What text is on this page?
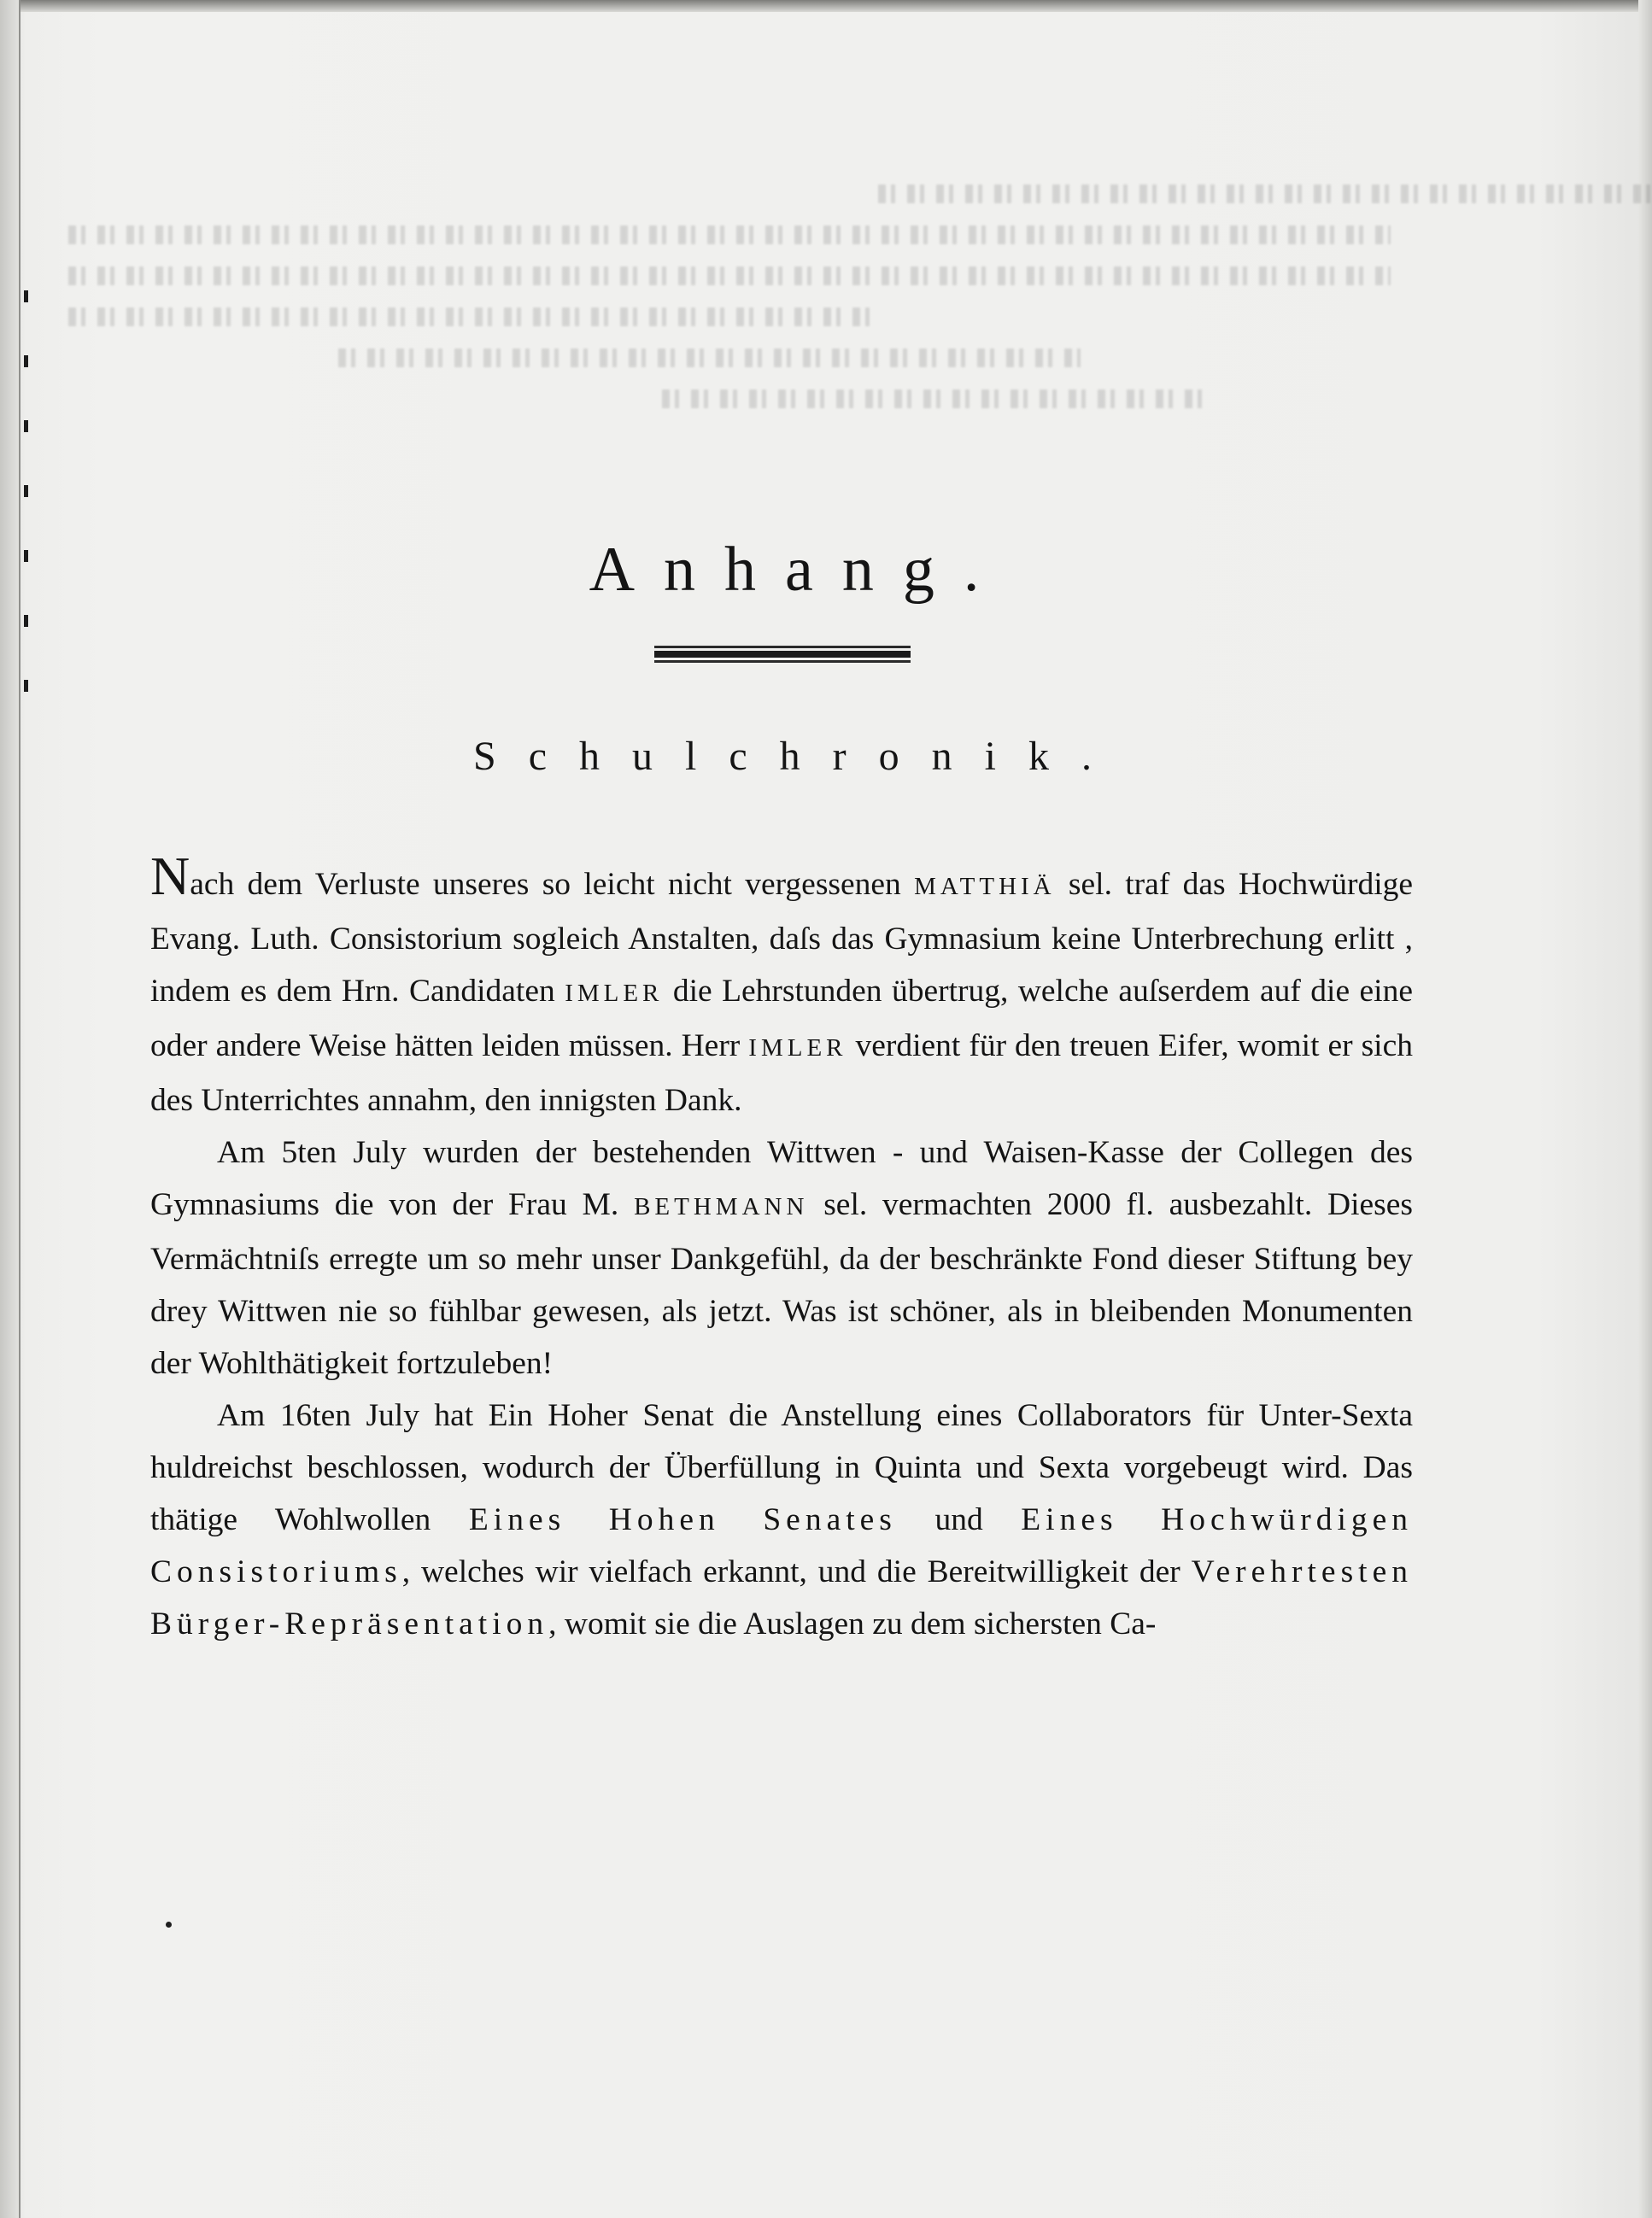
Anhang.
Schulchronik.

Nach dem Verluste unseres so leicht nicht vergessenen MATTHIÄ sel. traf das Hochwürdige Evang. Luth. Consistorium sogleich Anstalten, daſs das Gymnasium keine Unterbrechung erlitt , indem es dem Hrn. Candidaten IMLER die Lehrstunden übertrug, welche auſserdem auf die eine oder andere Weise hätten leiden müssen. Herr IMLER verdient für den treuen Eifer, womit er sich des Unterrichtes annahm, den innigsten Dank.

Am 5ten July wurden der bestehenden Wittwen - und Waisen-Kasse der Collegen des Gymnasiums die von der Frau M. BETHMANN sel. vermachten 2000 fl. ausbezahlt. Dieses Vermächtniſs erregte um so mehr unser Dankgefühl, da der beschränkte Fond dieser Stiftung bey drey Wittwen nie so fühlbar gewesen, als jetzt. Was ist schöner, als in bleibenden Monumenten der Wohlthätigkeit fortzuleben!

Am 16ten July hat Ein Hoher Senat die Anstellung eines Collaborators für Unter-Sexta huldreichst beschlossen, wodurch der Überfüllung in Quinta und Sexta vorgebeugt wird. Das thätige Wohlwollen Eines Hohen Senates und Eines Hochwürdigen Consistoriums, welches wir vielfach erkannt, und die Bereitwilligkeit der Verehrtesten Bürger-Repräsentation, womit sie die Auslagen zu dem sichersten Ca-
